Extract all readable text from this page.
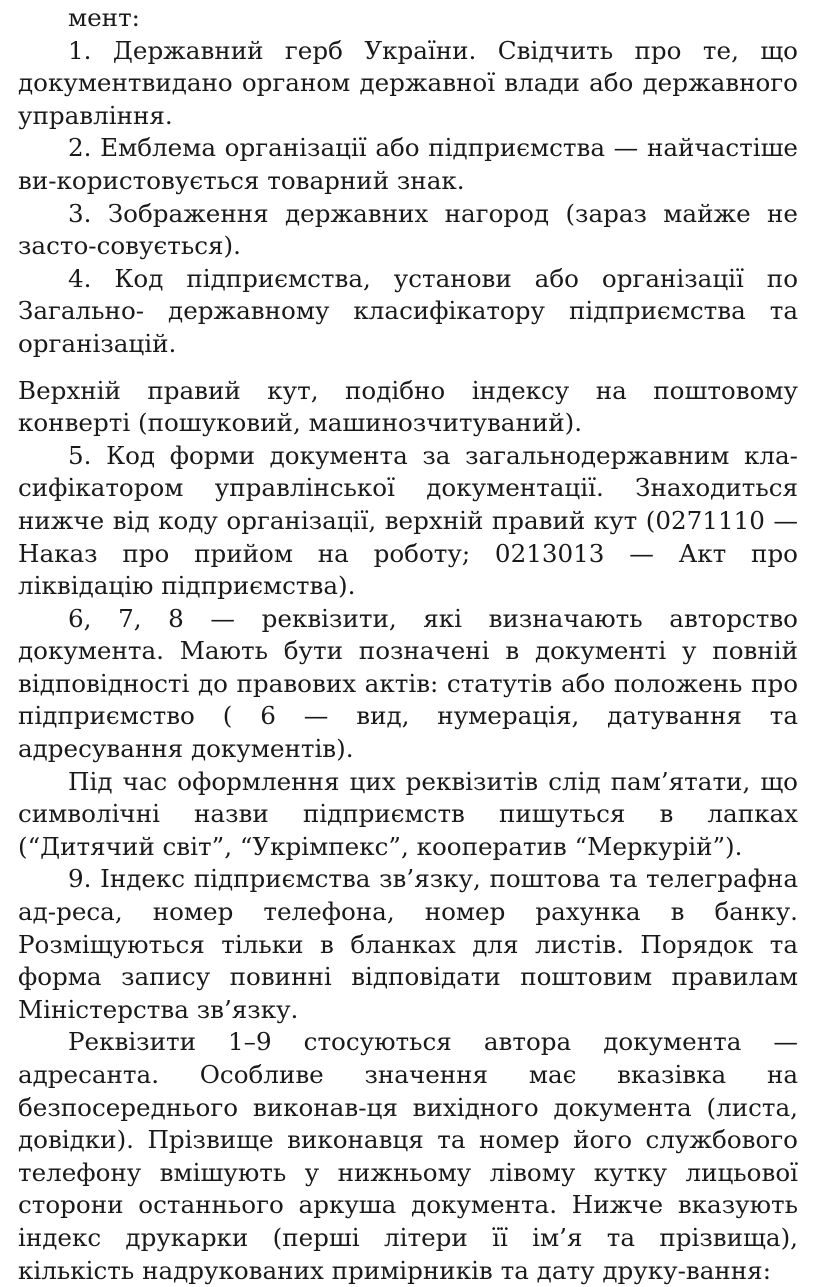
мент:

1. Державний герб України. Свідчить про те, що документвидано органом державної влади або державного управління.

2. Емблема організації або підприємства — найчастіше ви-користовується товарний знак.

3. Зображення державних нагород (зараз майже не засто-совується).

4. Код підприємства, установи або організації по Загально- державному класифікатору підприємства та організацій.

Верхній правий кут, подібно індексу на поштовому конверті (пошуковий, машинозчитуваний).

5. Код форми документа за загальнодержавним кла-сифікатором управлінської документації. Знаходиться нижче від коду організації, верхній правий кут (0271110 — Наказ про прийом на роботу; 0213013 — Акт про ліквідацію підприємства).

6, 7, 8 — реквізити, які визначають авторство документа. Мають бути позначені в документі у повній відповідності до правових актів: статутів або положень про підприємство ( 6 — вид, нумерація, датування та адресування документів).

Під час оформлення цих реквізитів слід пам’ятати, що символічні назви підприємств пишуться в лапках (“Дитячий світ”, “Укрімпекс”, кооператив “Меркурій”).

9. Індекс підприємства зв’язку, поштова та телеграфна ад-реса, номер телефона, номер рахунка в банку. Розміщуються тільки в бланках для листів. Порядок та форма запису повинні відповідати поштовим правилам Міністерства зв’язку.

Реквізити 1–9 стосуються автора документа — адресанта. Особливе значення має вказівка на безпосереднього виконав-ця вихідного документа (листа, довідки). Прізвище виконавця та номер його службового телефону вмішують у нижньому лівому кутку лицьової сторони останнього аркуша документа. Нижче вказують індекс друкарки (перші літери її ім’я та прізвища), кількість надрукованих примірників та дату друку-вання:
